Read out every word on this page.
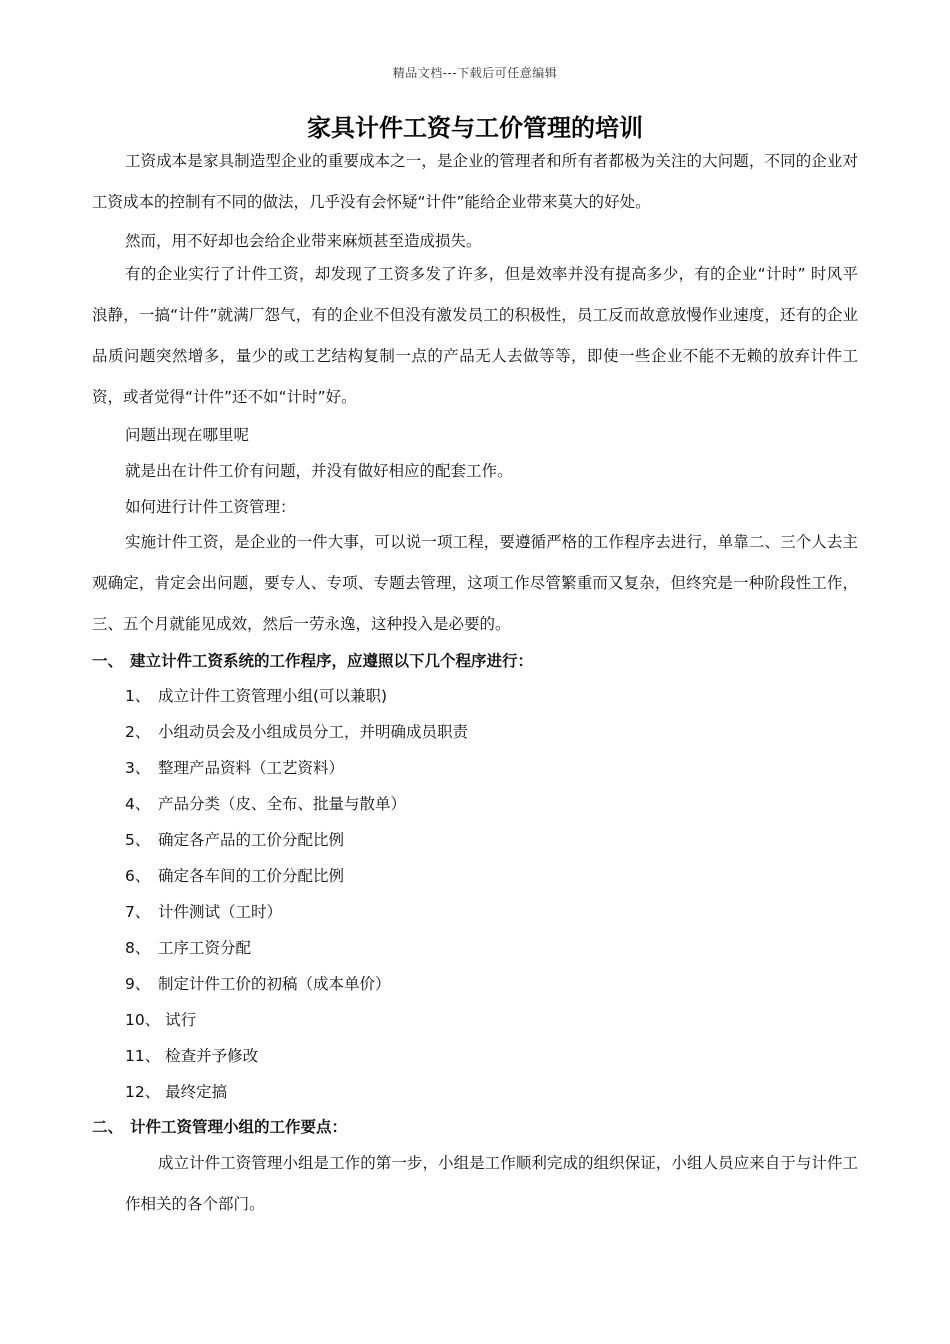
精品文档---下载后可任意编辑
家具计件工资与工价管理的培训

工资成本是家具制造型企业的重要成本之一，是企业的管理者和所有者都极为关注的大问题，不同的企业对工资成本的控制有不同的做法，几乎没有会怀疑“计件”能给企业带来莫大的好处。

然而，用不好却也会给企业带来麻烦甚至造成损失。

有的企业实行了计件工资，却发现了工资多发了许多，但是效率并没有提高多少，有的企业“计时” 时风平浪静，一搞“计件”就满厂怨气，有的企业不但没有激发员工的积极性，员工反而故意放慢作业速度，还有的企业品质问题突然增多，量少的或工艺结构复制一点的产品无人去做等等，即使一些企业不能不无赖的放弃计件工资，或者觉得“计件”还不如“计时”好。

问题出现在哪里呢

就是出在计件工价有问题，并没有做好相应的配套工作。

如何进行计件工资管理：

实施计件工资，是企业的一件大事，可以说一项工程，要遵循严格的工作程序去进行，单靠二、三个人去主观确定，肯定会出问题，要专人、专项、专题去管理，这项工作尽管繁重而又复杂，但终究是一种阶段性工作，三、五个月就能见成效，然后一劳永逸，这种投入是必要的。

一、 建立计件工资系统的工作程序，应遵照以下几个程序进行：
1、 成立计件工资管理小组(可以兼职)
2、 小组动员会及小组成员分工，并明确成员职责
3、 整理产品资料（工艺资料）
4、 产品分类（皮、全布、批量与散单）
5、 确定各产品的工价分配比例
6、 确定各车间的工价分配比例
7、 计件测试（工时）
8、 工序工资分配
9、 制定计件工价的初稿（成本单价）
10、 试行
11、 检查并予修改
12、 最终定搞
二、 计件工资管理小组的工作要点：

成立计件工资管理小组是工作的第一步，小组是工作顺利完成的组织保证，小组人员应来自于与计件工作相关的各个部门。
